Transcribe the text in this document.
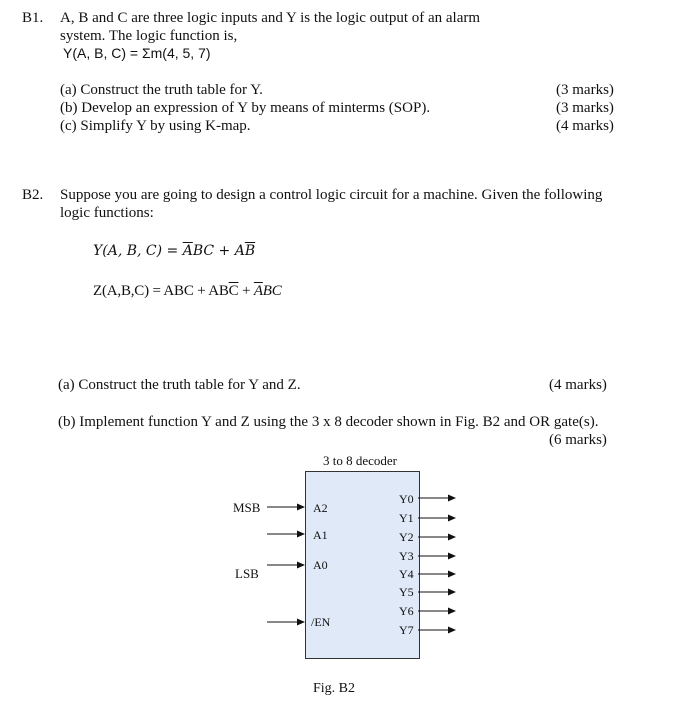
B1. A, B and C are three logic inputs and Y is the logic output of an alarm
system. The logic function is,
Y(A, B, C) = Σm(4, 5, 7)
(a) Construct the truth table for Y.	(3 marks)
(b) Develop an expression of Y by means of minterms (SOP).	(3 marks)
(c) Simplify Y by using K-map.	(4 marks)
B2. Suppose you are going to design a control logic circuit for a machine. Given the following
logic functions:
Y(A, B, $C) = \overline{A}BC + A\overline{B}$
Z(A,B,C) = ABC + $AB\overline{C} + \overline{A}BC$
(a) Construct the truth table for Y and Z.	(4 marks)
(b) Implement function Y and Z using the 3 x 8 decoder shown in Fig. B2 and OR gate(s).
(6 marks)
3 to 8 decoder
MSB
LSB
A2
A1
A0
/EN
Y0
Y1
Y2
Y3
Y4
Y5
Y6
Y7
Fig. B2
